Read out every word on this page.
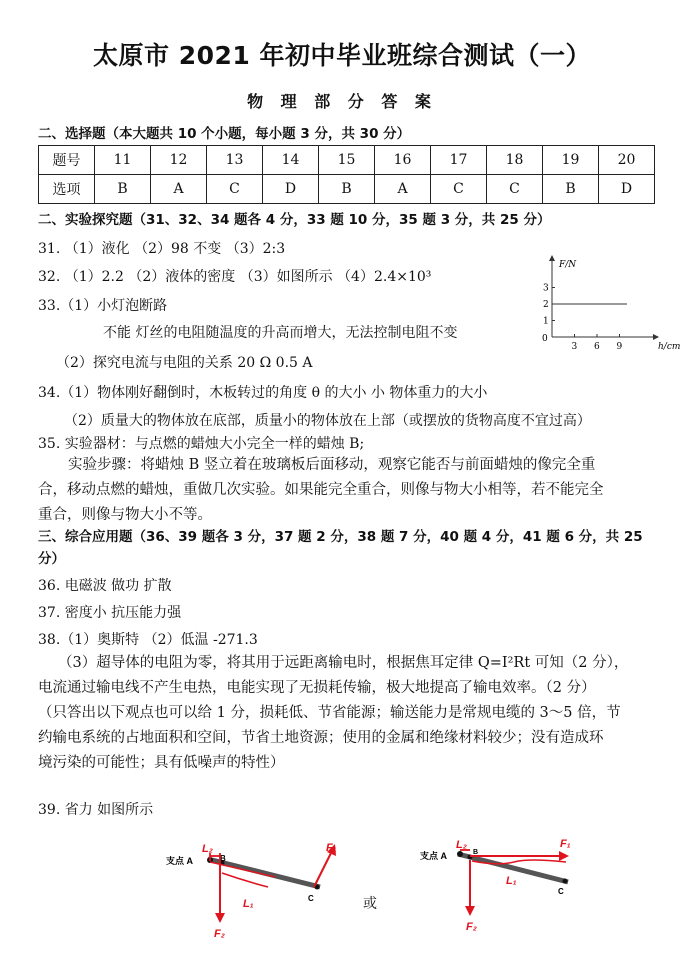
太原市 2021 年初中毕业班综合测试（一）
物 理 部 分 答 案
二、选择题（本大题共 10 个小题，每小题 3 分，共 30 分）
题号	11	12	13	14	15	16	17	18	19	20
选项	B	A	C	D	B	A	C	C	B	D
二、实验探究题（31、32、34 题各 4 分，33 题 10 分，35 题 3 分，共 25 分）
31. （1）液化 （2）98 不变 （3）2:3
32. （1）2.2 （2）液体的密度 （3）如图所示 （4）2.4×10³
33.（1）小灯泡断路
不能 灯丝的电阻随温度的升高而增大，无法控制电阻不变
（2）探究电流与电阻的关系 20 Ω 0.5 A
F/N
h/cm
0
1
2
3
3 6 9
34.（1）物体刚好翻倒时，木板转过的角度 θ 的大小 小 物体重力的大小
（2）质量大的物体放在底部，质量小的物体放在上部（或摆放的货物高度不宜过高）
35. 实验器材：与点燃的蜡烛大小完全一样的蜡烛 B;
实验步骤：将蜡烛 B 竖立着在玻璃板后面移动，观察它能否与前面蜡烛的像完全重
合，移动点燃的蜡烛，重做几次实验。如果能完全重合，则像与物大小相等，若不能完全
重合，则像与物大小不等。
三、综合应用题（36、39 题各 3 分，37 题 2 分，38 题 7 分，40 题 4 分，41 题 6 分，共 25
分）
36. 电磁波 做功 扩散
37. 密度小 抗压能力强
38.（1）奥斯特 （2）低温 -271.3
（3）超导体的电阻为零，将其用于远距离输电时，根据焦耳定律 Q=I²Rt 可知（2 分），
电流通过输电线不产生电热，电能实现了无损耗传输，极大地提高了输电效率。（2 分）
（只答出以下观点也可以给 1 分，损耗低、节省能源；输送能力是常规电缆的 3～5 倍，节
约输电系统的占地面积和空间，节省土地资源；使用的金属和绝缘材料较少；没有造成环
境污染的可能性；具有低噪声的特性）
39. 省力 如图所示
支点 A	B
C
L₂
F₂
L₁
F₁
或
支点 A	B
C
L₂	F₁
L₁
F₂
